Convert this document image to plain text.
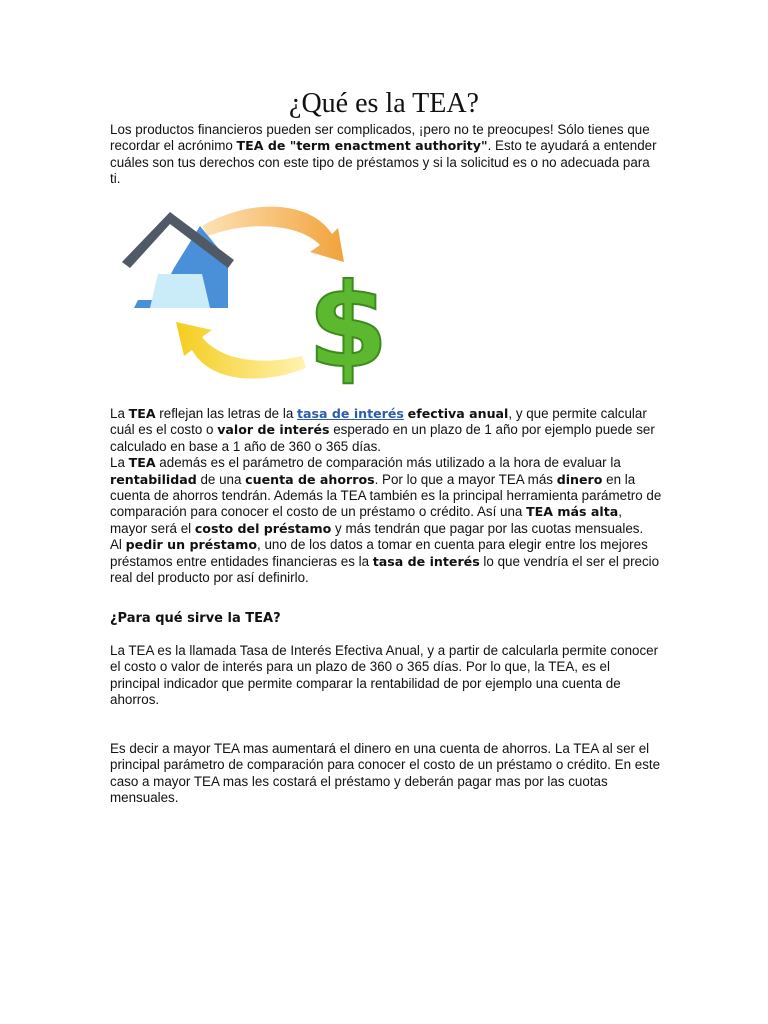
¿Qué es la TEA?

Los productos financieros pueden ser complicados, ¡pero no te preocupes! Sólo tienes que recordar el acrónimo TEA de "term enactment authority". Esto te ayudará a entender cuáles son tus derechos con este tipo de préstamos y si la solicitud es o no adecuada para ti.

$

La TEA reflejan las letras de la tasa de interés efectiva anual, y que permite calcular cuál es el costo o valor de interés esperado en un plazo de 1 año por ejemplo puede ser calculado en base a 1 año de 360 o 365 días.
La TEA además es el parámetro de comparación más utilizado a la hora de evaluar la rentabilidad de una cuenta de ahorros. Por lo que a mayor TEA más dinero en la cuenta de ahorros tendrán. Además la TEA también es la principal herramienta parámetro de comparación para conocer el costo de un préstamo o crédito. Así una TEA más alta, mayor será el costo del préstamo y más tendrán que pagar por las cuotas mensuales.
Al pedir un préstamo, uno de los datos a tomar en cuenta para elegir entre los mejores préstamos entre entidades financieras es la tasa de interés lo que vendría el ser el precio real del producto por así definirlo.

¿Para qué sirve la TEA?

La TEA es la llamada Tasa de Interés Efectiva Anual, y a partir de calcularla permite conocer el costo o valor de interés para un plazo de 360 o 365 días. Por lo que, la TEA, es el principal indicador que permite comparar la rentabilidad de por ejemplo una cuenta de ahorros.

Es decir a mayor TEA mas aumentará el dinero en una cuenta de ahorros. La TEA al ser el principal parámetro de comparación para conocer el costo de un préstamo o crédito. En este caso a mayor TEA mas les costará el préstamo y deberán pagar mas por las cuotas mensuales.
